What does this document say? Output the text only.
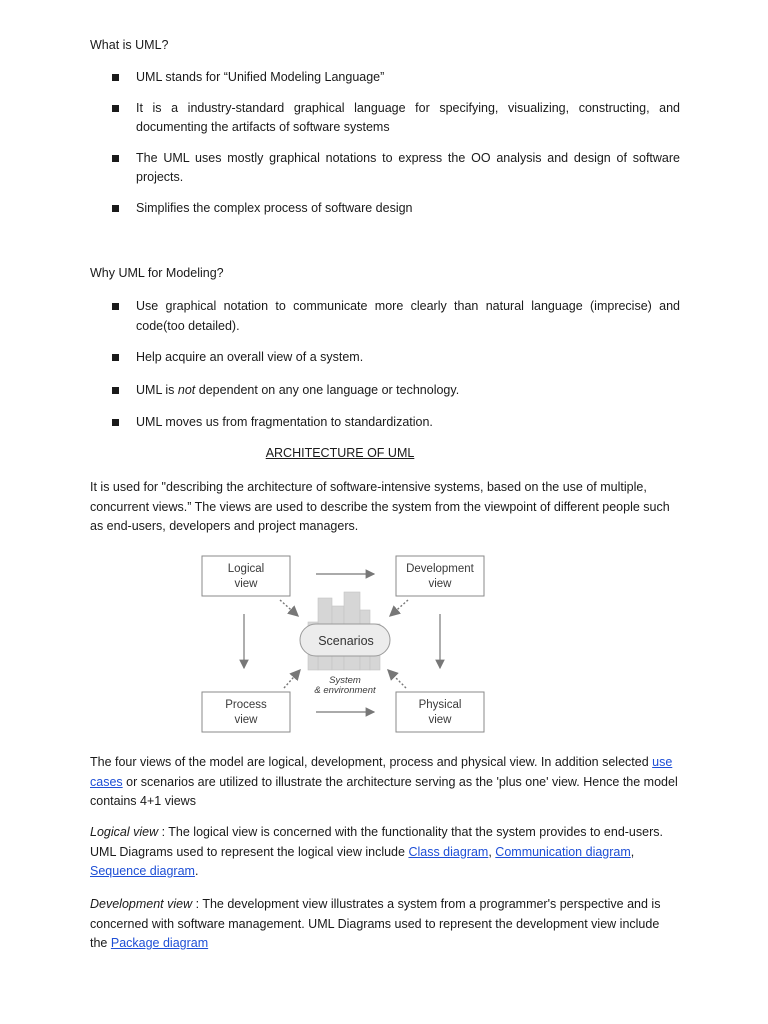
What is UML?

UML stands for “Unified Modeling Language”
It is a industry-standard graphical language for specifying, visualizing, constructing, and documenting the artifacts of software systems
The UML uses mostly graphical notations to express the OO analysis and design of software projects.
Simplifies the complex process of software design

Why UML for Modeling?

Use graphical notation to communicate more clearly than natural language (imprecise) and code(too detailed).
Help acquire an overall view of a system.
UML is not dependent on any one language or technology.
UML moves us from fragmentation to standardization.

ARCHITECTURE OF UML

It is used for "describing the architecture of software-intensive systems, based on the use of multiple, concurrent views.” The views are used to describe the system from the viewpoint of different people such as end-users, developers and project managers.

Scenarios
System
& environment
Logical
view
Development
view
Process
view
Physical
view

The four views of the model are logical, development, process and physical view. In addition selected use cases or scenarios are utilized to illustrate the architecture serving as the 'plus one' view. Hence the model contains 4+1 views

Logical view : The logical view is concerned with the functionality that the system provides to end-users. UML Diagrams used to represent the logical view include Class diagram, Communication diagram, Sequence diagram.

Development view : The development view illustrates a system from a programmer's perspective and is concerned with software management. UML Diagrams used to represent the development view include the Package diagram
